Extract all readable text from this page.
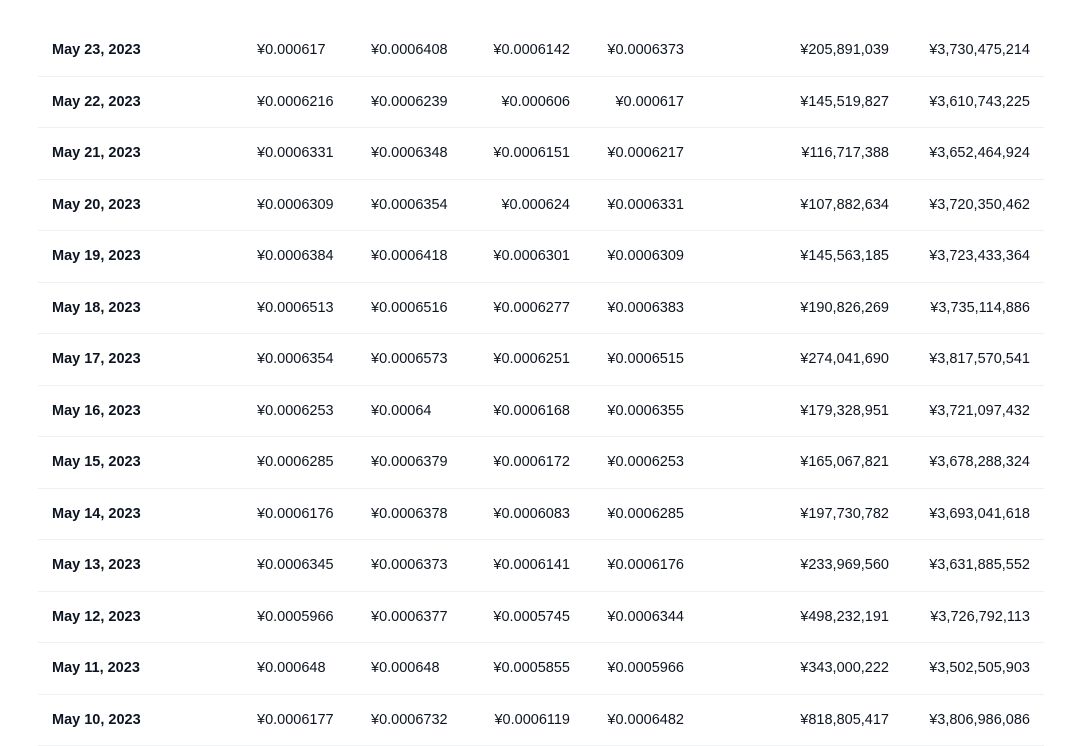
May 23, 2023	¥0.000617	¥0.0006408	¥0.0006142	¥0.0006373	¥205,891,039	¥3,730,475,214
May 22, 2023	¥0.0006216	¥0.0006239	¥0.000606	¥0.000617	¥145,519,827	¥3,610,743,225
May 21, 2023	¥0.0006331	¥0.0006348	¥0.0006151	¥0.0006217	¥116,717,388	¥3,652,464,924
May 20, 2023	¥0.0006309	¥0.0006354	¥0.000624	¥0.0006331	¥107,882,634	¥3,720,350,462
May 19, 2023	¥0.0006384	¥0.0006418	¥0.0006301	¥0.0006309	¥145,563,185	¥3,723,433,364
May 18, 2023	¥0.0006513	¥0.0006516	¥0.0006277	¥0.0006383	¥190,826,269	¥3,735,114,886
May 17, 2023	¥0.0006354	¥0.0006573	¥0.0006251	¥0.0006515	¥274,041,690	¥3,817,570,541
May 16, 2023	¥0.0006253	¥0.00064	¥0.0006168	¥0.0006355	¥179,328,951	¥3,721,097,432
May 15, 2023	¥0.0006285	¥0.0006379	¥0.0006172	¥0.0006253	¥165,067,821	¥3,678,288,324
May 14, 2023	¥0.0006176	¥0.0006378	¥0.0006083	¥0.0006285	¥197,730,782	¥3,693,041,618
May 13, 2023	¥0.0006345	¥0.0006373	¥0.0006141	¥0.0006176	¥233,969,560	¥3,631,885,552
May 12, 2023	¥0.0005966	¥0.0006377	¥0.0005745	¥0.0006344	¥498,232,191	¥3,726,792,113
May 11, 2023	¥0.000648	¥0.000648	¥0.0005855	¥0.0005966	¥343,000,222	¥3,502,505,903
May 10, 2023	¥0.0006177	¥0.0006732	¥0.0006119	¥0.0006482	¥818,805,417	¥3,806,986,086
